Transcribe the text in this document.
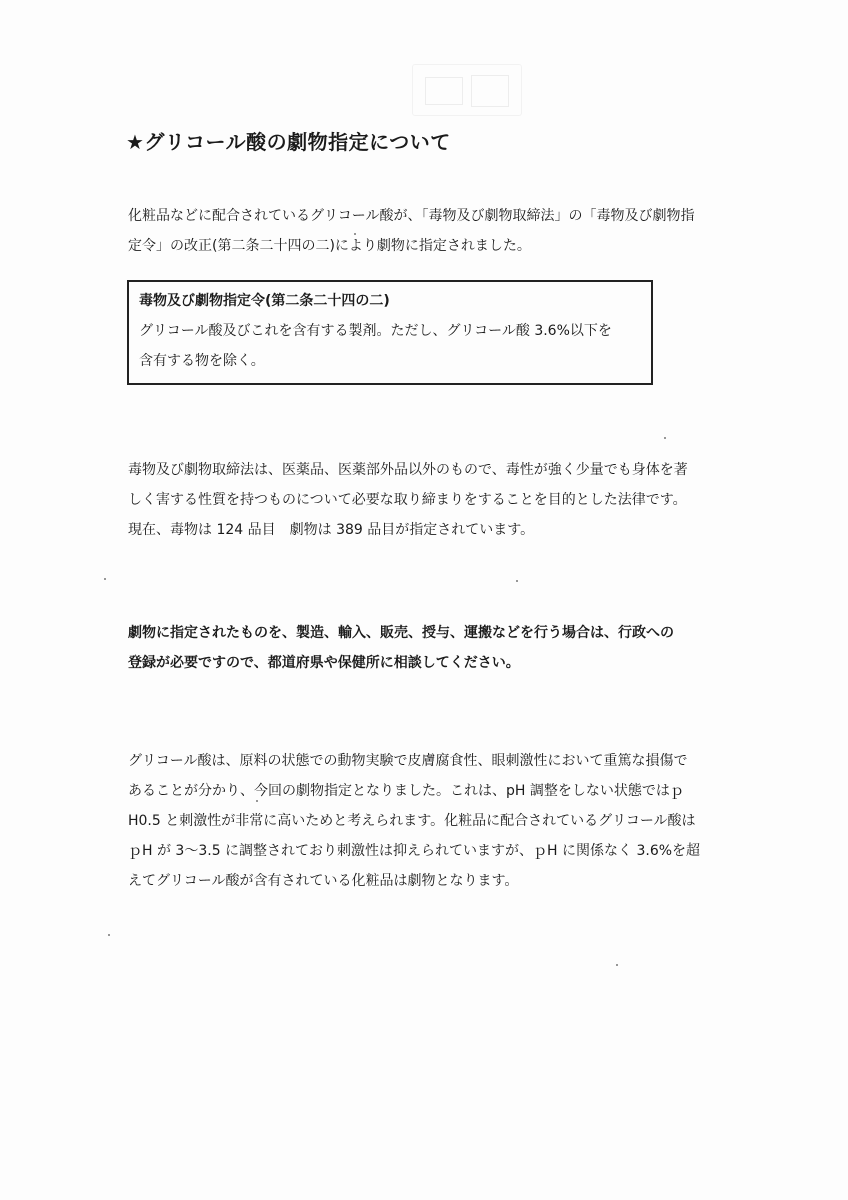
★グリコール酸の劇物指定について

化粧品などに配合されているグリコール酸が、「毒物及び劇物取締法」の「毒物及び劇物指

定令」の改正(第二条二十四の二)により劇物に指定されました。

毒物及び劇物指定令(第二条二十四の二)

グリコール酸及びこれを含有する製剤。ただし、グリコール酸 3.6%以下を

含有する物を除く。

毒物及び劇物取締法は、医薬品、医薬部外品以外のもので、毒性が強く少量でも身体を著

しく害する性質を持つものについて必要な取り締まりをすることを目的とした法律です。

現在、毒物は 124 品目　劇物は 389 品目が指定されています。

劇物に指定されたものを、製造、輸入、販売、授与、運搬などを行う場合は、行政への

登録が必要ですので、都道府県や保健所に相談してください。

グリコール酸は、原料の状態での動物実験で皮膚腐食性、眼刺激性において重篤な損傷で

あることが分かり、今回の劇物指定となりました。これは、pH 調整をしない状態ではｐ

H0.5 と刺激性が非常に高いためと考えられます。化粧品に配合されているグリコール酸は

ｐH が 3～3.5 に調整されており刺激性は抑えられていますが、ｐH に関係なく 3.6%を超

えてグリコール酸が含有されている化粧品は劇物となります。
